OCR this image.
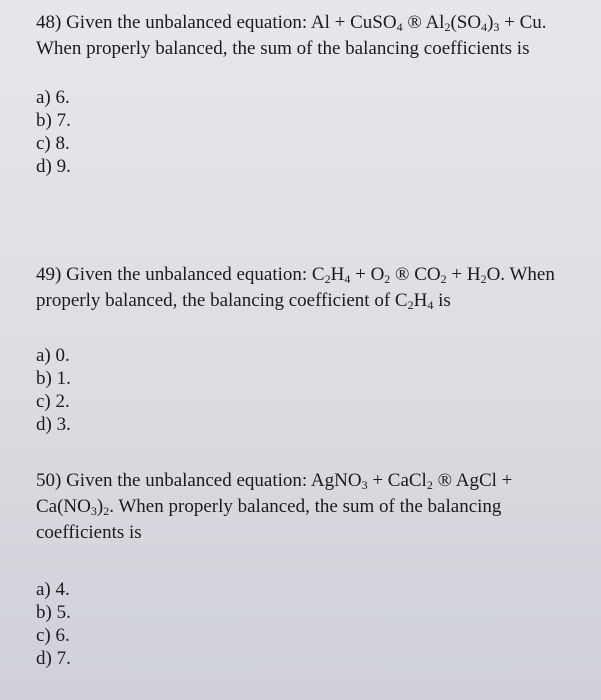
48) Given the unbalanced equation: Al + CuSO$_4$ ® $Al_2(SO_4)_3 + Cu$. When properly balanced, the sum of the balancing coefficients is

a) 6.
b) 7.
c) 8.
d) 9.

49) Given the unbalanced equation: $C_2H_4 + O_2$ ® $CO_2 + H_2O$. When properly balanced, the balancing coefficient of $C_2H_4$ is

a) 0.
b) 1.
c) 2.
d) 3.

50) Given the unbalanced equation: AgNO$_3$ + CaCl$_2$ ® AgCl + $Ca(NO_3)_2$. When properly balanced, the sum of the balancing coefficients is

a) 4.
b) 5.
c) 6.
d) 7.
